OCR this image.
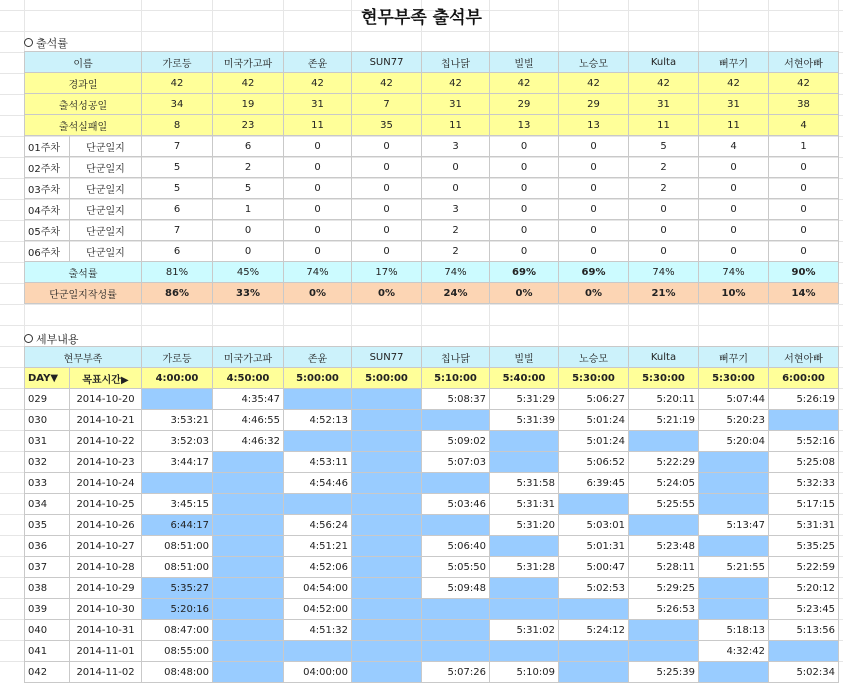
현무부족 출석부
출석률
이름		가로등	미국가고파	존윤	SUN77	칩나닭	빌빌	노승모	Kulta	뻐꾸기	서현아빠
경과일		42	42	42	42	42	42	42	42	42	42
출석성공일		34	19	31	7	31	29	29	31	31	38
출석실패일		8	23	11	35	11	13	13	11	11	4
01주차	단군일지	7	6	0	0	3	0	0	5	4	1
02주차	단군일지	5	2	0	0	0	0	0	2	0	0
03주차	단군일지	5	5	0	0	0	0	0	2	0	0
04주차	단군일지	6	1	0	0	3	0	0	0	0	0
05주차	단군일지	7	0	0	0	2	0	0	0	0	0
06주차	단군일지	6	0	0	0	2	0	0	0	0	0
출석률		81%	45%	74%	17%	74%	69%	69%	74%	74%	90%
단군일지작성률		86%	33%	0%	0%	24%	0%	0%	21%	10%	14%
세부내용
현무부족		가로등	미국가고파	존윤	SUN77	칩나닭	빌빌	노승모	Kulta	뻐꾸기	서현아빠
DAY▼	목표시간▶	4:00:00	4:50:00	5:00:00	5:00:00	5:10:00	5:40:00	5:30:00	5:30:00	5:30:00	6:00:00
029	2014-10-20		4:35:47			5:08:37	5:31:29	5:06:27	5:20:11	5:07:44	5:26:19
030	2014-10-21	3:53:21	4:46:55	4:52:13			5:31:39	5:01:24	5:21:19	5:20:23	
031	2014-10-22	3:52:03	4:46:32			5:09:02		5:01:24		5:20:04	5:52:16
032	2014-10-23	3:44:17		4:53:11		5:07:03		5:06:52	5:22:29		5:25:08
033	2014-10-24			4:54:46			5:31:58	6:39:45	5:24:05		5:32:33
034	2014-10-25	3:45:15				5:03:46	5:31:31		5:25:55		5:17:15
035	2014-10-26	6:44:17		4:56:24			5:31:20	5:03:01		5:13:47	5:31:31
036	2014-10-27	08:51:00		4:51:21		5:06:40		5:01:31	5:23:48		5:35:25
037	2014-10-28	08:51:00		4:52:06		5:05:50	5:31:28	5:00:47	5:28:11	5:21:55	5:22:59
038	2014-10-29	5:35:27		04:54:00		5:09:48		5:02:53	5:29:25		5:20:12
039	2014-10-30	5:20:16		04:52:00					5:26:53		5:23:45
040	2014-10-31	08:47:00		4:51:32			5:31:02	5:24:12		5:18:13	5:13:56
041	2014-11-01	08:55:00								4:32:42	
042	2014-11-02	08:48:00		04:00:00		5:07:26	5:10:09		5:25:39		5:02:34
